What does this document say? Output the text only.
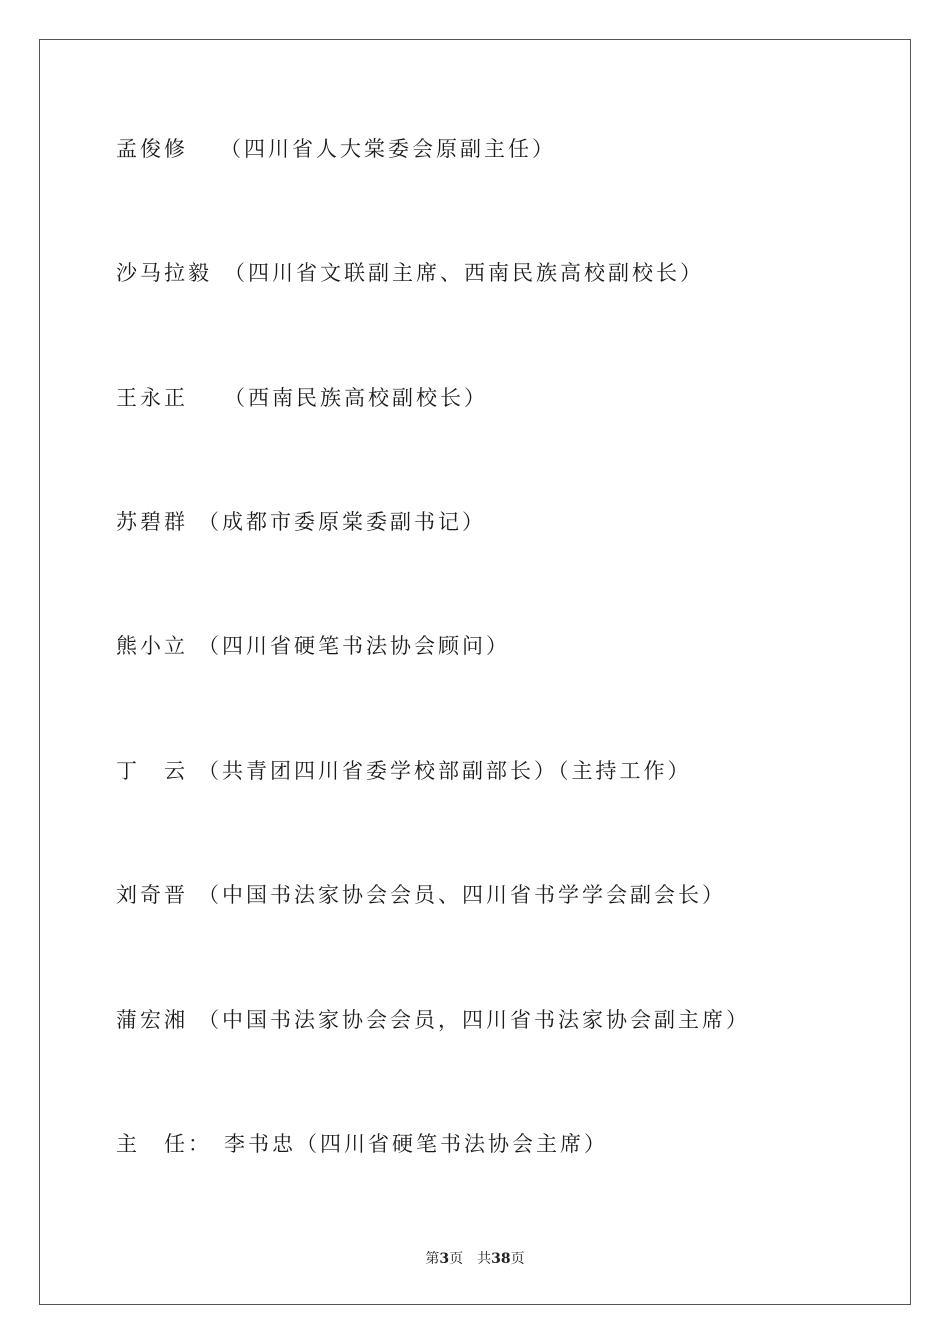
孟俊修 （四川省人大棠委会原副主任）
沙马拉毅 （四川省文联副主席、西南民族高校副校长）
王永正 （西南民族高校副校长）
苏碧群 （成都市委原棠委副书记）
熊小立 （四川省硬笔书法协会顾问）
丁　云 （共青团四川省委学校部副部长）（主持工作）
刘奇晋 （中国书法家协会会员、四川省书学学会副会长）
蒲宏湘 （中国书法家协会会员，四川省书法家协会副主席）
主　任： 李书忠（四川省硬笔书法协会主席）
第3页 共38页
